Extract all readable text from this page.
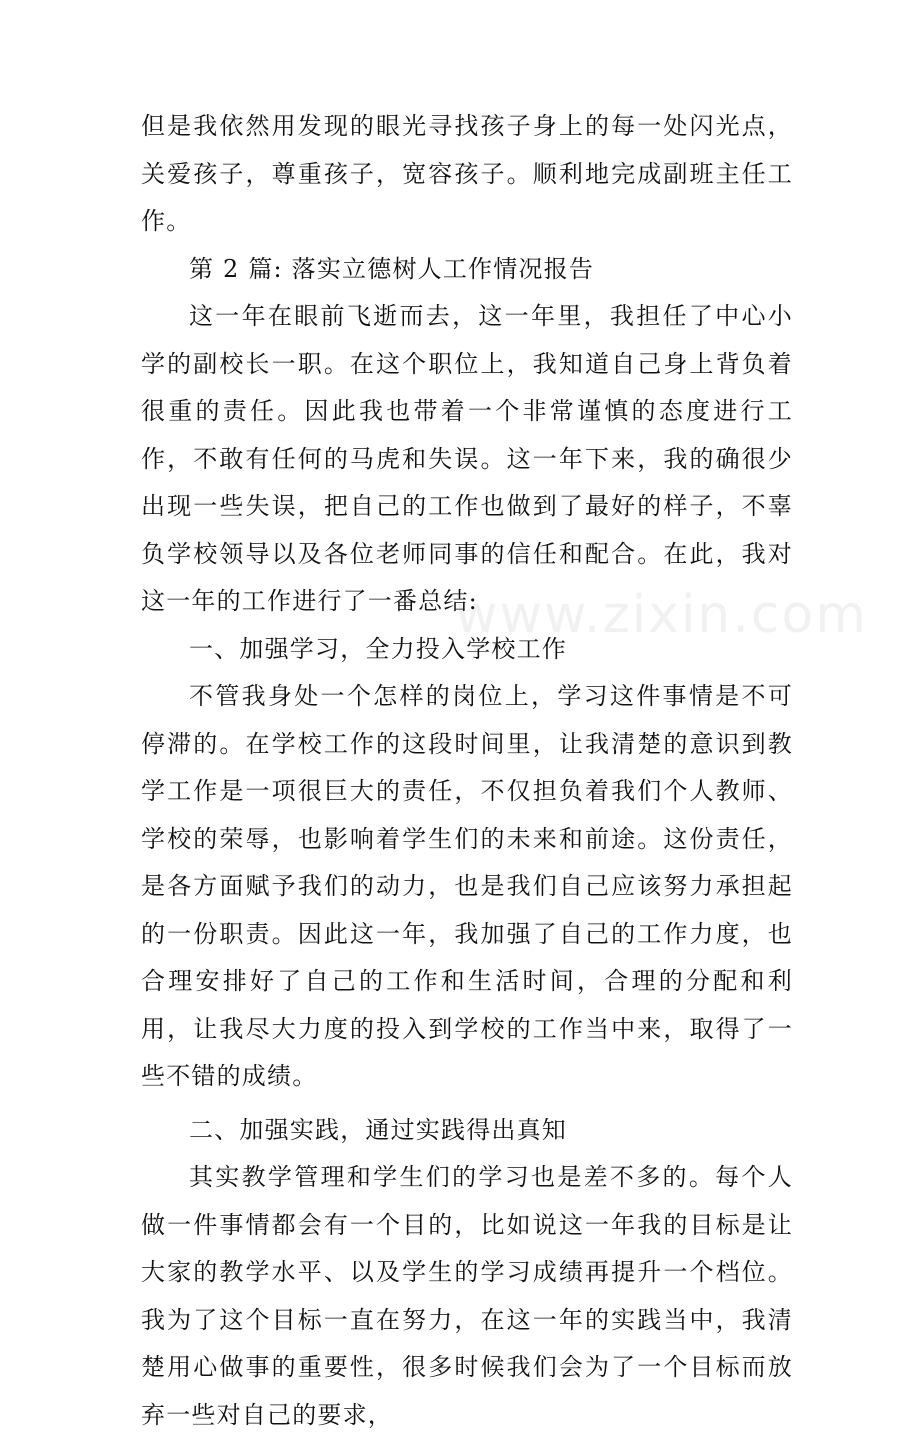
www.zixin.com

但是我依然用发现的眼光寻找孩子身上的每一处闪光点，关爱孩子，尊重孩子，宽容孩子。顺利地完成副班主任工作。

第 2 篇: 落实立德树人工作情况报告

这一年在眼前飞逝而去，这一年里，我担任了中心小学的副校长一职。在这个职位上，我知道自己身上背负着很重的责任。因此我也带着一个非常谨慎的态度进行工作，不敢有任何的马虎和失误。这一年下来，我的确很少出现一些失误，把自己的工作也做到了最好的样子，不辜负学校领导以及各位老师同事的信任和配合。在此，我对这一年的工作进行了一番总结:

一、加强学习，全力投入学校工作

不管我身处一个怎样的岗位上，学习这件事情是不可停滞的。在学校工作的这段时间里，让我清楚的意识到教学工作是一项很巨大的责任，不仅担负着我们个人教师、学校的荣辱，也影响着学生们的未来和前途。这份责任，是各方面赋予我们的动力，也是我们自己应该努力承担起的一份职责。因此这一年，我加强了自己的工作力度，也合理安排好了自己的工作和生活时间，合理的分配和利用，让我尽大力度的投入到学校的工作当中来，取得了一些不错的成绩。

二、加强实践，通过实践得出真知

其实教学管理和学生们的学习也是差不多的。每个人做一件事情都会有一个目的，比如说这一年我的目标是让大家的教学水平、以及学生的学习成绩再提升一个档位。我为了这个目标一直在努力，在这一年的实践当中，我清楚用心做事的重要性，很多时候我们会为了一个目标而放弃一些对自己的要求，
